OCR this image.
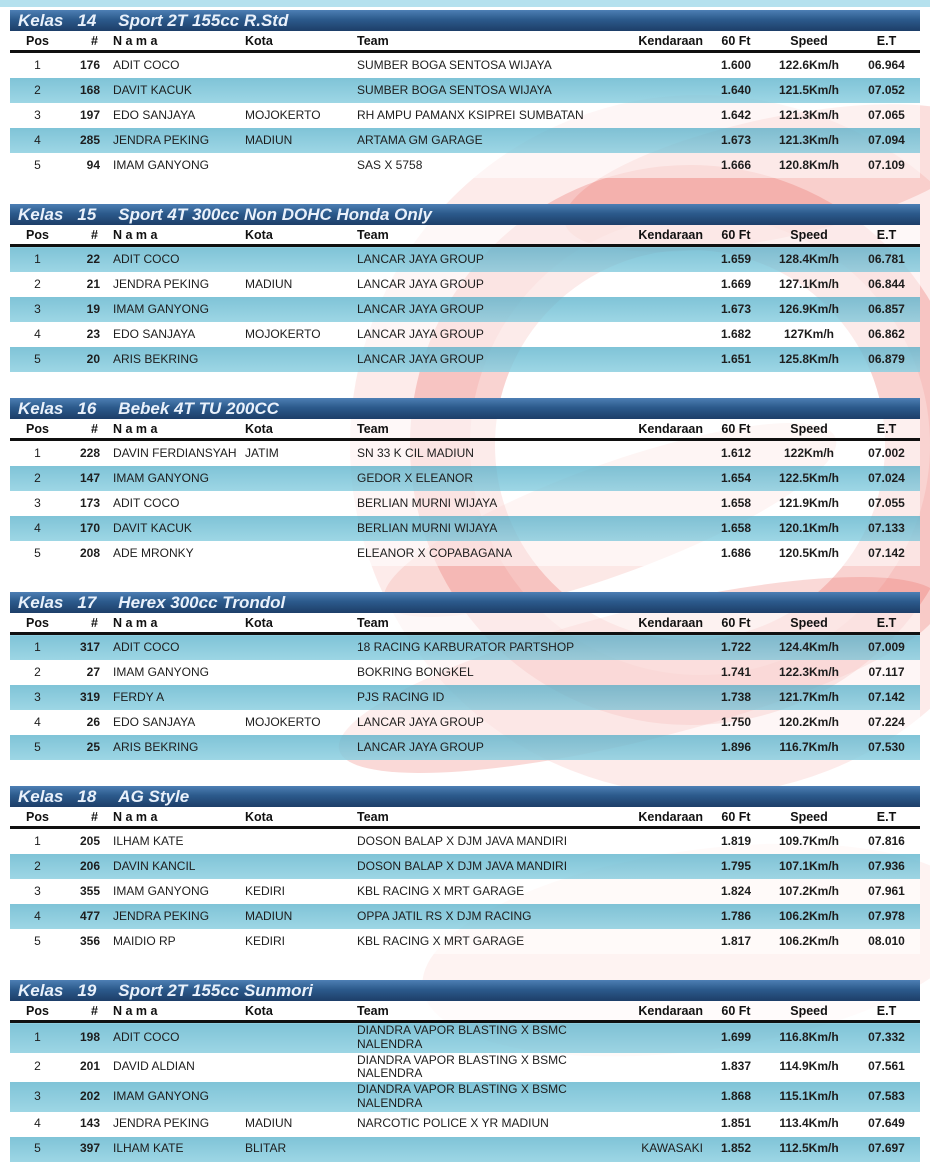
Kelas 14 Sport 2T 155cc R.Std
Pos	#	N a m a	Kota	Team	Kendaraan	60 Ft	Speed	E.T
1	176	ADIT COCO		SUMBER BOGA SENTOSA WIJAYA		1.600	122.6Km/h	06.964
2	168	DAVIT KACUK		SUMBER BOGA SENTOSA WIJAYA		1.640	121.5Km/h	07.052
3	197	EDO SANJAYA	MOJOKERTO	RH AMPU PAMANX KSIPREI SUMBATAN		1.642	121.3Km/h	07.065
4	285	JENDRA PEKING	MADIUN	ARTAMA GM GARAGE		1.673	121.3Km/h	07.094
5	94	IMAM GANYONG		SAS X 5758		1.666	120.8Km/h	07.109
Kelas 15 Sport 4T 300cc Non DOHC Honda Only
Pos	#	N a m a	Kota	Team	Kendaraan	60 Ft	Speed	E.T
1	22	ADIT COCO		LANCAR JAYA GROUP		1.659	128.4Km/h	06.781
2	21	JENDRA PEKING	MADIUN	LANCAR JAYA GROUP		1.669	127.1Km/h	06.844
3	19	IMAM GANYONG		LANCAR JAYA GROUP		1.673	126.9Km/h	06.857
4	23	EDO SANJAYA	MOJOKERTO	LANCAR JAYA GROUP		1.682	127Km/h	06.862
5	20	ARIS BEKRING		LANCAR JAYA GROUP		1.651	125.8Km/h	06.879
Kelas 16 Bebek 4T TU 200CC
Pos	#	N a m a	Kota	Team	Kendaraan	60 Ft	Speed	E.T
1	228	DAVIN FERDIANSYAH	JATIM	SN 33 K CIL MADIUN		1.612	122Km/h	07.002
2	147	IMAM GANYONG		GEDOR X ELEANOR		1.654	122.5Km/h	07.024
3	173	ADIT COCO		BERLIAN MURNI WIJAYA		1.658	121.9Km/h	07.055
4	170	DAVIT KACUK		BERLIAN MURNI WIJAYA		1.658	120.1Km/h	07.133
5	208	ADE MRONKY		ELEANOR X COPABAGANA		1.686	120.5Km/h	07.142
Kelas 17 Herex 300cc Trondol
Pos	#	N a m a	Kota	Team	Kendaraan	60 Ft	Speed	E.T
1	317	ADIT COCO		18 RACING KARBURATOR PARTSHOP		1.722	124.4Km/h	07.009
2	27	IMAM GANYONG		BOKRING BONGKEL		1.741	122.3Km/h	07.117
3	319	FERDY A		PJS RACING ID		1.738	121.7Km/h	07.142
4	26	EDO SANJAYA	MOJOKERTO	LANCAR JAYA GROUP		1.750	120.2Km/h	07.224
5	25	ARIS BEKRING		LANCAR JAYA GROUP		1.896	116.7Km/h	07.530
Kelas 18 AG Style
Pos	#	N a m a	Kota	Team	Kendaraan	60 Ft	Speed	E.T
1	205	ILHAM KATE		DOSON BALAP X DJM JAVA MANDIRI		1.819	109.7Km/h	07.816
2	206	DAVIN KANCIL		DOSON BALAP X DJM JAVA MANDIRI		1.795	107.1Km/h	07.936
3	355	IMAM GANYONG	KEDIRI	KBL RACING X MRT GARAGE		1.824	107.2Km/h	07.961
4	477	JENDRA PEKING	MADIUN	OPPA JATIL RS X DJM RACING		1.786	106.2Km/h	07.978
5	356	MAIDIO RP	KEDIRI	KBL RACING X MRT GARAGE		1.817	106.2Km/h	08.010
Kelas 19 Sport 2T 155cc Sunmori
Pos	#	N a m a	Kota	Team	Kendaraan	60 Ft	Speed	E.T
1	198	ADIT COCO		DIANDRA VAPOR BLASTING X BSMC NALENDRA		1.699	116.8Km/h	07.332
2	201	DAVID ALDIAN		DIANDRA VAPOR BLASTING X BSMC NALENDRA		1.837	114.9Km/h	07.561
3	202	IMAM GANYONG		DIANDRA VAPOR BLASTING X BSMC NALENDRA		1.868	115.1Km/h	07.583
4	143	JENDRA PEKING	MADIUN	NARCOTIC POLICE X YR MADIUN		1.851	113.4Km/h	07.649
5	397	ILHAM KATE	BLITAR		KAWASAKI	1.852	112.5Km/h	07.697
